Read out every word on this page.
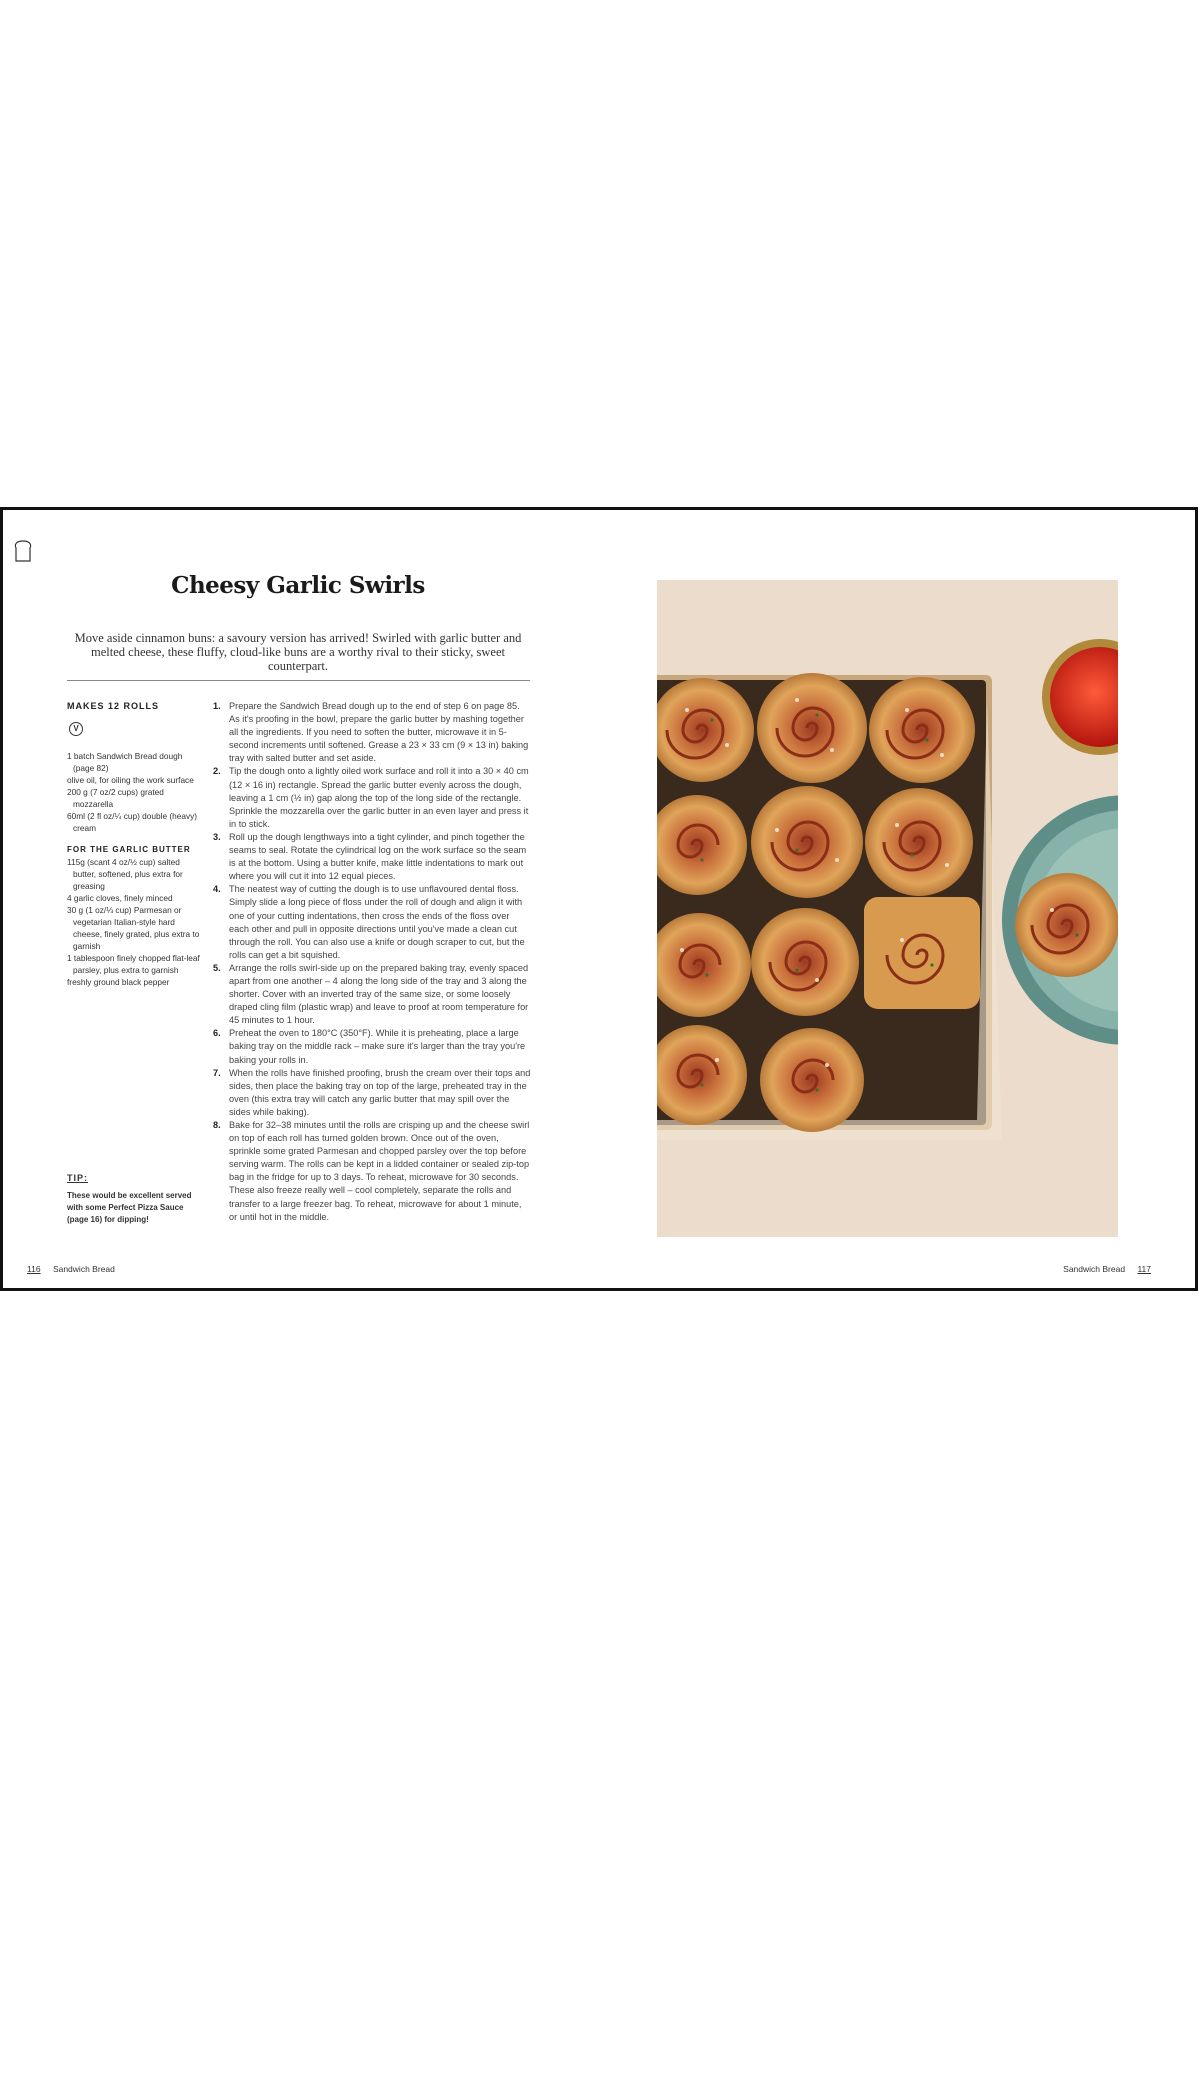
Cheesy Garlic Swirls
Move aside cinnamon buns: a savoury version has arrived! Swirled with garlic butter and melted cheese, these fluffy, cloud-like buns are a worthy rival to their sticky, sweet counterpart.
MAKES 12 ROLLS
V
1 batch Sandwich Bread dough (page 82)
olive oil, for oiling the work surface
200 g (7 oz/2 cups) grated mozzarella
60ml (2 fl oz/¼ cup) double (heavy) cream
FOR THE GARLIC BUTTER
115g (scant 4 oz/½ cup) salted butter, softened, plus extra for greasing
4 garlic cloves, finely minced
30 g (1 oz/⅓ cup) Parmesan or vegetarian Italian-style hard cheese, finely grated, plus extra to garnish
1 tablespoon finely chopped flat-leaf parsley, plus extra to garnish
freshly ground black pepper
TIP:
These would be excellent served with some Perfect Pizza Sauce (page 16) for dipping!
1. Prepare the Sandwich Bread dough up to the end of step 6 on page 85. As it's proofing in the bowl, prepare the garlic butter by mashing together all the ingredients. If you need to soften the butter, microwave it in 5-second increments until softened. Grease a 23 × 33 cm (9 × 13 in) baking tray with salted butter and set aside.
2. Tip the dough onto a lightly oiled work surface and roll it into a 30 × 40 cm (12 × 16 in) rectangle. Spread the garlic butter evenly across the dough, leaving a 1 cm (½ in) gap along the top of the long side of the rectangle. Sprinkle the mozzarella over the garlic butter in an even layer and press it in to stick.
3. Roll up the dough lengthways into a tight cylinder, and pinch together the seams to seal. Rotate the cylindrical log on the work surface so the seam is at the bottom. Using a butter knife, make little indentations to mark out where you will cut it into 12 equal pieces.
4. The neatest way of cutting the dough is to use unflavoured dental floss. Simply slide a long piece of floss under the roll of dough and align it with one of your cutting indentations, then cross the ends of the floss over each other and pull in opposite directions until you've made a clean cut through the roll. You can also use a knife or dough scraper to cut, but the rolls can get a bit squished.
5. Arrange the rolls swirl-side up on the prepared baking tray, evenly spaced apart from one another – 4 along the long side of the tray and 3 along the shorter. Cover with an inverted tray of the same size, or some loosely draped cling film (plastic wrap) and leave to proof at room temperature for 45 minutes to 1 hour.
6. Preheat the oven to 180°C (350°F). While it is preheating, place a large baking tray on the middle rack – make sure it's larger than the tray you're baking your rolls in.
7. When the rolls have finished proofing, brush the cream over their tops and sides, then place the baking tray on top of the large, preheated tray in the oven (this extra tray will catch any garlic butter that may spill over the sides while baking).
8. Bake for 32–38 minutes until the rolls are crisping up and the cheese swirl on top of each roll has turned golden brown. Once out of the oven, sprinkle some grated Parmesan and chopped parsley over the top before serving warm. The rolls can be kept in a lidded container or sealed zip-top bag in the fridge for up to 3 days. To reheat, microwave for 30 seconds. These also freeze really well – cool completely, separate the rolls and transfer to a large freezer bag. To reheat, microwave for about 1 minute, or until hot in the middle.
116 Sandwich Bread	Sandwich Bread 117
